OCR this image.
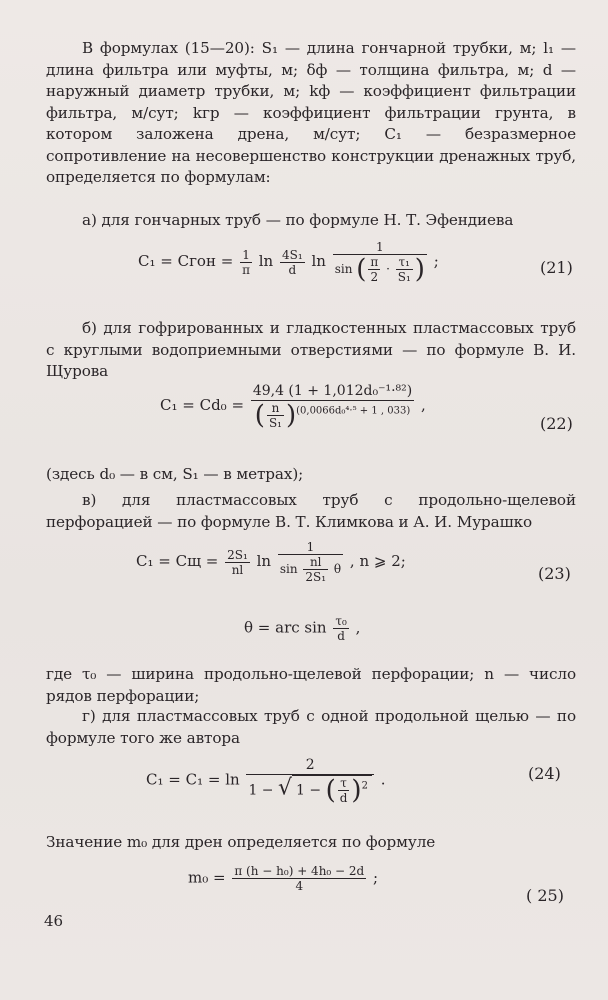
В формулах (15—20): S₁ — длина гончарной трубки, м; l₁ — длина фильтра или муфты, м; δф — толщина фильтра, м; d — наружный диаметр трубки, м; kф — коэффициент фильтрации фильтра, м/сут; kгр — коэффициент фильтрации грунта, в котором заложена дрена, м/сут; C₁ — безразмерное сопротивление на несовершенство конструкции дренажных труб, определяется по формулам:
а) для гончарных труб — по формуле Н. Т. Эфендиева
C₁ = Cгон = $\frac{1}{\pi}$ $\ln \frac{\text{4S₁}}{d}$ $\ln \frac{1}{\sin ( \frac{\pi}{2} \cdot \frac{\text{τ₁}}{\text{S₁}} )}$ ;	(21)
б) для гофрированных и гладкостенных пластмассовых труб с круглыми водоприемными отверстиями — по формуле В. И. Щурова
$C_1 = Cd_0 = \frac{\text{49,4 (1 + 1,012d₀⁻¹·⁸²)}}{( \frac{n}{\text{S₁}} )^{(0,0066d_0^4\cdot^5 + 1 , 033)}}$ ,
(22)
(здесь d₀ — в см, S₁ — в метрах);
в) для пластмассовых труб с продольно-щелевой перфорацией — по формуле В. Т. Климкова и А. И. Мурашко
C₁ = Cщ = $\frac{\text{2S₁}}{nl}$ $\ln \frac{1}{\sin \frac{nl}{\text{2S₁}} \theta}$ , n ⩾ 2;
(23)
θ = arc $\sin \frac{\text{τ₀}}{d}$ ,
где τ₀ — ширина продольно-щелевой перфорации; n — число рядов перфорации;
г) для пластмассовых труб с одной продольной щелью — по формуле того же автора
$C_1 = C_1 = \ln \frac{2}{1 - √ 1 - ( \frac{\tau}{d} )^2}$ .	(24)
Значение m₀ для дрен определяется по формуле
$m_0 = \frac{\text{π (h − h₀) + 4h₀ − 2d}}{4}$ ;
( 25)
46
